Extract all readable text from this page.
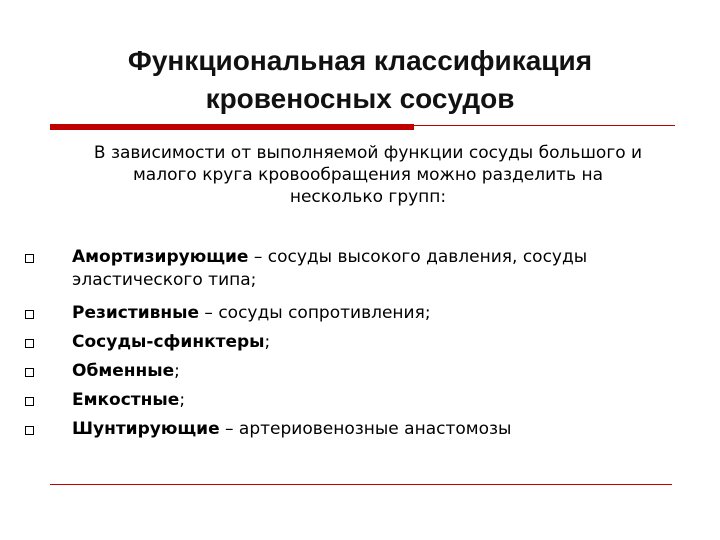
Функциональная классификация
кровеносных сосудов
В зависимости от выполняемой функции сосуды большого и
малого круга кровообращения можно разделить на
несколько групп:
Амортизирующие – сосуды высокого давления, сосуды
эластического типа;
Резистивные – сосуды сопротивления;
Сосуды-сфинктеры;
Обменные;
Емкостные;
Шунтирующие – артериовенозные анастомозы
